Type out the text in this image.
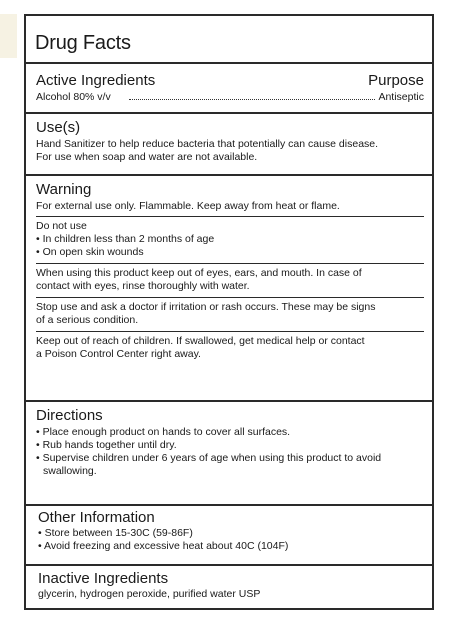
Drug Facts
Active Ingredients	Purpose
Alcohol 80% v/v	Antiseptic
Use(s)
Hand Sanitizer to help reduce bacteria that potentially can cause disease.
For use when soap and water are not available.
Warning
For external use only. Flammable. Keep away from heat or flame.
Do not use
• In children less than 2 months of age
• On open skin wounds
When using this product keep out of eyes, ears, and mouth. In case of
contact with eyes, rinse thoroughly with water.
Stop use and ask a doctor if irritation or rash occurs. These may be signs
of a serious condition.
Keep out of reach of children. If swallowed, get medical help or contact
a Poison Control Center right away.
Directions
• Place enough product on hands to cover all surfaces.
• Rub hands together until dry.
• Supervise children under 6 years of age when using this product to avoid
swallowing.
Other Information
• Store between 15-30C (59-86F)
• Avoid freezing and excessive heat about 40C (104F)
Inactive Ingredients
glycerin, hydrogen peroxide, purified water USP
